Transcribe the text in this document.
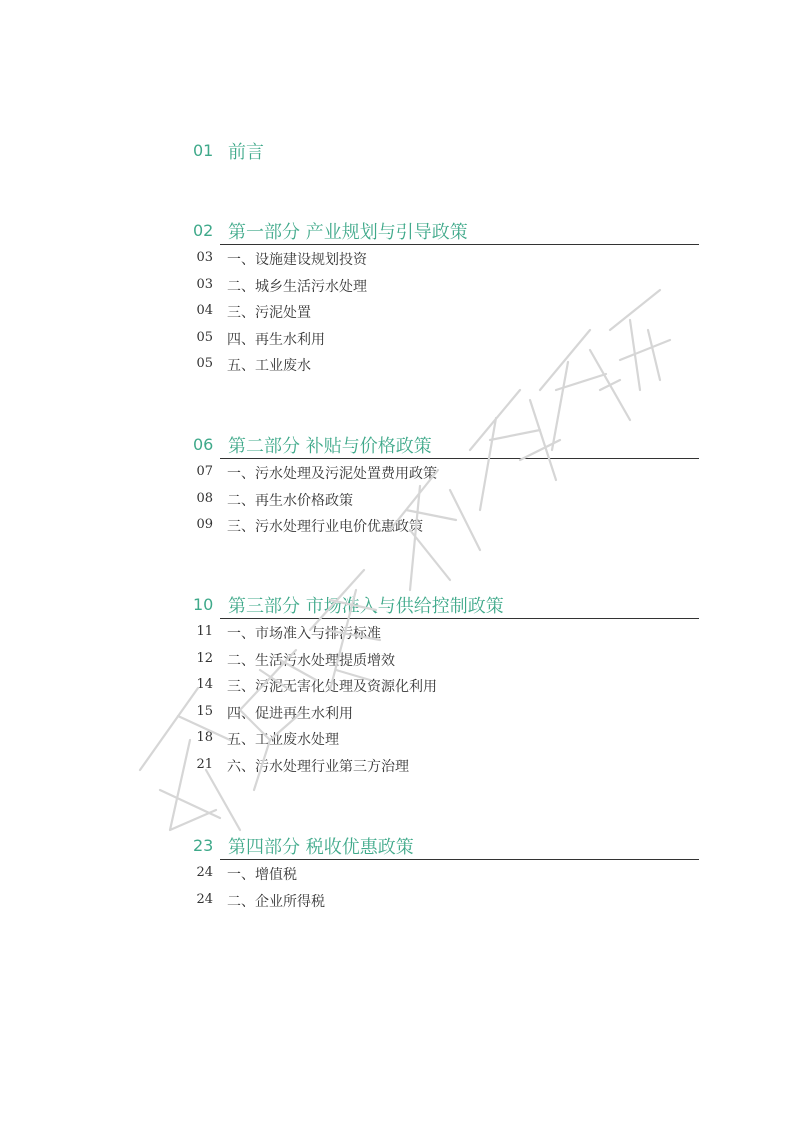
01 前言
02 第一部分 产业规划与引导政策
03 一、设施建设规划投资
03 二、城乡生活污水处理
04 三、污泥处置
05 四、再生水利用
05 五、工业废水
06 第二部分 补贴与价格政策
07 一、污水处理及污泥处置费用政策
08 二、再生水价格政策
09 三、污水处理行业电价优惠政策
10 第三部分 市场准入与供给控制政策
11 一、市场准入与排污标准
12 二、生活污水处理提质增效
14 三、污泥无害化处理及资源化利用
15 四、促进再生水利用
18 五、工业废水处理
21 六、污水处理行业第三方治理
23 第四部分 税收优惠政策
24 一、增值税
24 二、企业所得税
